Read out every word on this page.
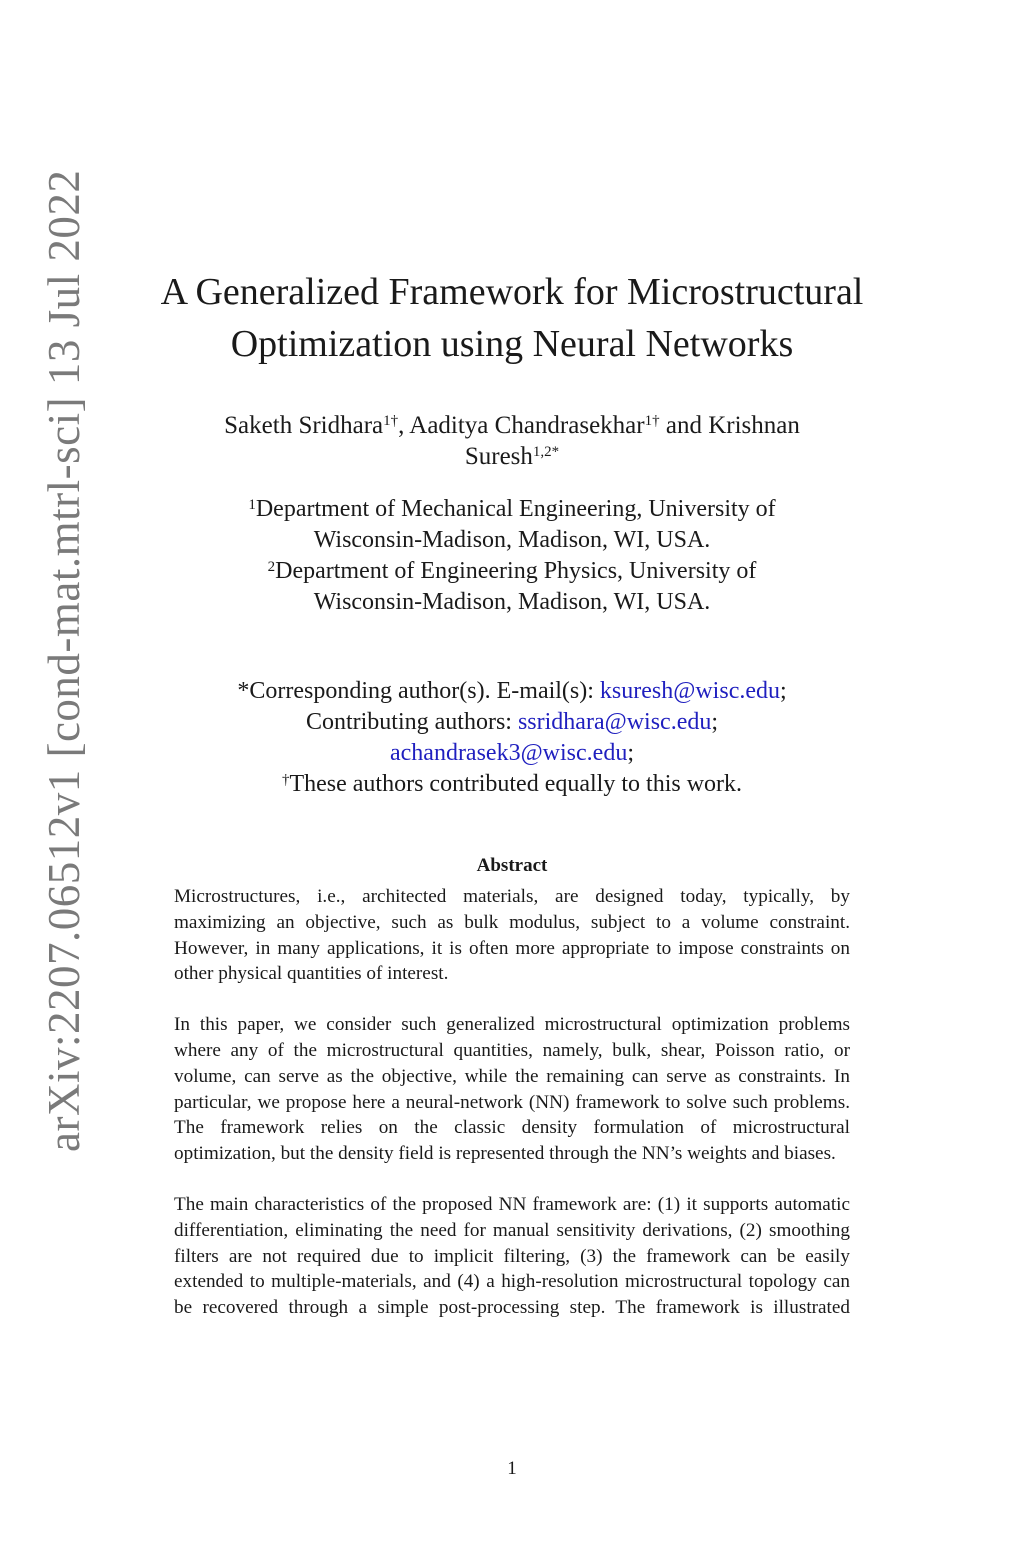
arXiv:2207.06512v1 [cond-mat.mtrl-sci] 13 Jul 2022	A Generalized Framework for Microstructural
Optimization using Neural Networks
Saketh Sridhara$^{1\dagger}$, Aaditya Chandrasekhar$^{1\dagger}$ and Krishnan
Suresh$^{1,2*}$
$^1$Department of Mechanical Engineering, University of
Wisconsin-Madison, Madison, WI, USA.
$^2$Department of Engineering Physics, University of
Wisconsin-Madison, Madison, WI, USA.
*Corresponding author(s). E-mail(s): ksuresh@wisc.edu;
Contributing authors: ssridhara@wisc.edu;
achandrasek3@wisc.edu;
†These authors contributed equally to this work.
Abstract

Microstructures, i.e., architected materials, are designed today, typically, by maximizing an objective, such as bulk modulus, subject to a volume constraint. However, in many applications, it is often more appropriate to impose constraints on other physical quantities of interest.

In this paper, we consider such generalized microstructural optimization problems where any of the microstructural quantities, namely, bulk, shear, Poisson ratio, or volume, can serve as the objective, while the remaining can serve as constraints. In particular, we propose here a neural-network (NN) framework to solve such problems. The framework relies on the classic density formulation of microstructural optimization, but the density field is represented through the NN’s weights and biases.

The main characteristics of the proposed NN framework are: (1) it supports automatic differentiation, eliminating the need for manual sensitivity derivations, (2) smoothing filters are not required due to implicit filtering, (3) the framework can be easily extended to multiple-materials, and (4) a high-resolution microstructural topology can be recovered through a simple post-processing step. The framework is illustrated

1
